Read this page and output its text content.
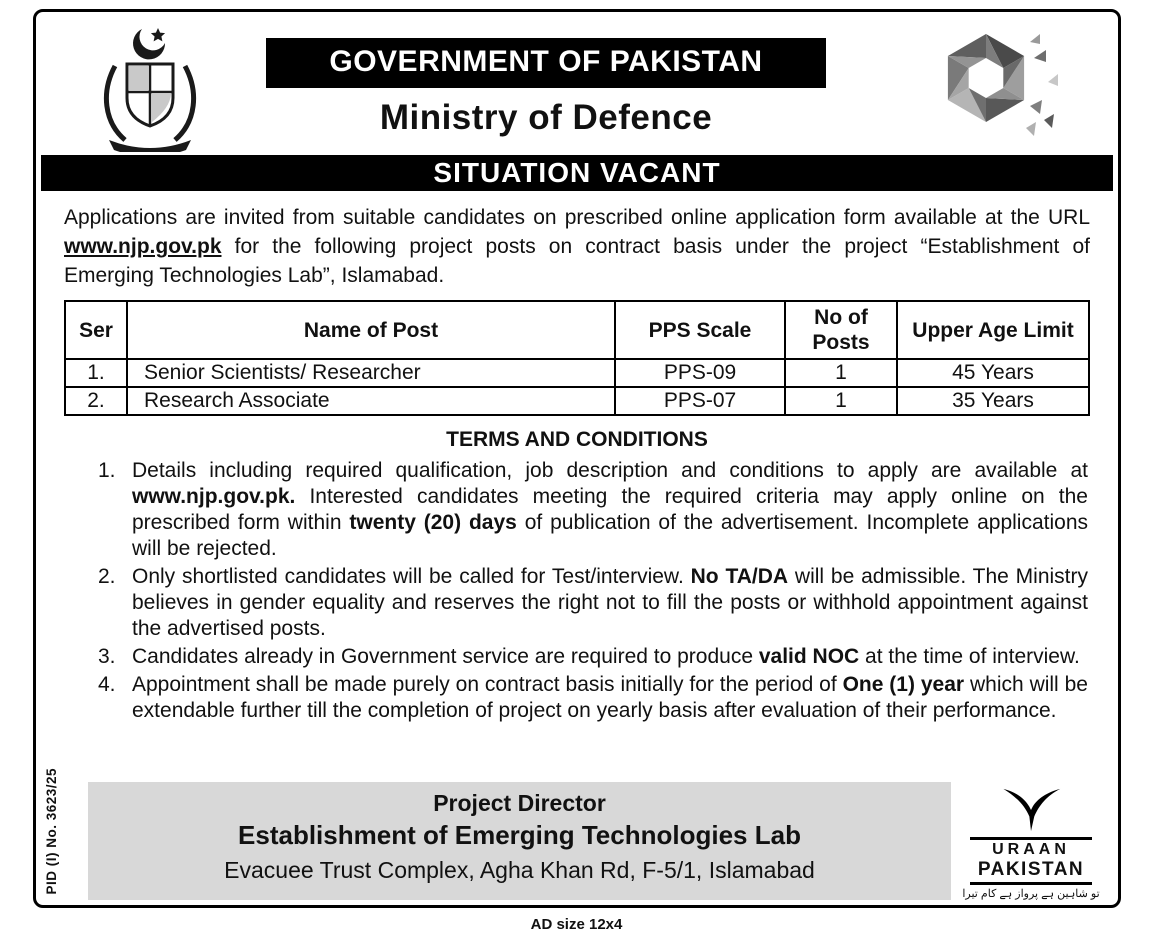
GOVERNMENT OF PAKISTAN
Ministry of Defence
SITUATION VACANT

Applications are invited from suitable candidates on prescribed online application form available at the URL www.njp.gov.pk for the following project posts on contract basis under the project “Establishment of Emerging Technologies Lab”, Islamabad.

Ser	Name of Post	PPS Scale	No of Posts	Upper Age Limit
1.	Senior Scientists/ Researcher	PPS-09	1	45 Years
2.	Research Associate	PPS-07	1	35 Years
TERMS AND CONDITIONS
1. Details including required qualification, job description and conditions to apply are available at www.njp.gov.pk. Interested candidates meeting the required criteria may apply online on the prescribed form within twenty (20) days of publication of the advertisement. Incomplete applications will be rejected.
2. Only shortlisted candidates will be called for Test/interview. No TA/DA will be admissible. The Ministry believes in gender equality and reserves the right not to fill the posts or withhold appointment against the advertised posts.
3. Candidates already in Government service are required to produce valid NOC at the time of interview.
4. Appointment shall be made purely on contract basis initially for the period of One (1) year which will be extendable further till the completion of project on yearly basis after evaluation of their performance.
Project Director
Establishment of Emerging Technologies Lab
Evacuee Trust Complex, Agha Khan Rd, F-5/1, Islamabad
URAAN
PAKISTAN
تو شاہین ہے پرواز ہے کام تیرا
PID (I) No. 3623/25
AD size 12x4
